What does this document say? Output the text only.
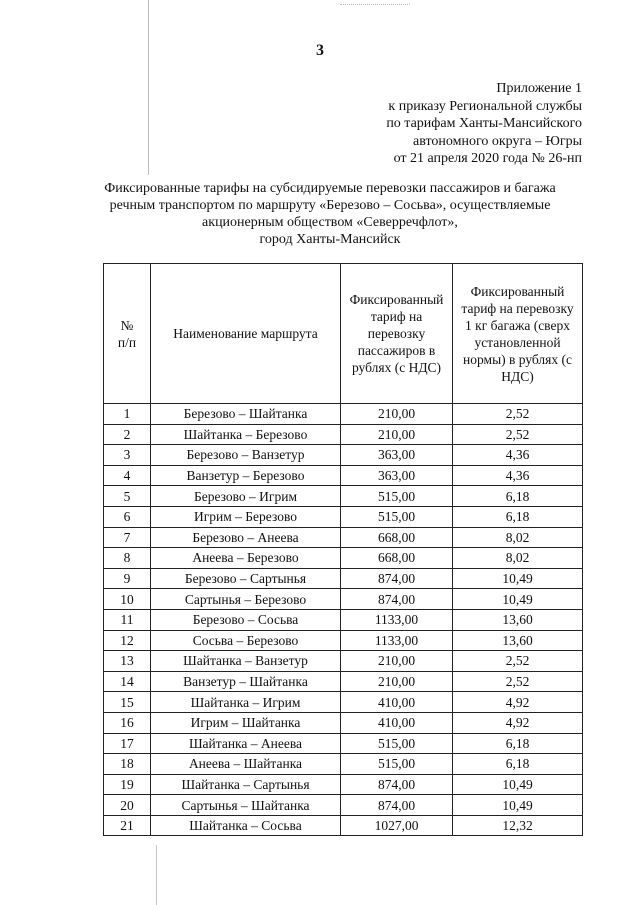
3
Приложение 1
к приказу Региональной службы
по тарифам Ханты-Мансийского
автономного округа – Югры
от 21 апреля 2020 года № 26-нп
Фиксированные тарифы на субсидируемые перевозки пассажиров и багажа
речным транспортом по маршруту «Березово – Сосьва», осуществляемые
акционерным обществом «Северречфлот»,
город Ханты-Мансийск
№ п/п	Наименование маршрута	Фиксированный тариф на перевозку пассажиров в рублях (с НДС)	Фиксированный тариф на перевозку 1 кг багажа (сверх установленной нормы) в рублях (с НДС)
1	Березово – Шайтанка	210,00	2,52
2	Шайтанка – Березово	210,00	2,52
3	Березово – Ванзетур	363,00	4,36
4	Ванзетур – Березово	363,00	4,36
5	Березово – Игрим	515,00	6,18
6	Игрим – Березово	515,00	6,18
7	Березово – Анеева	668,00	8,02
8	Анеева – Березово	668,00	8,02
9	Березово – Сартынья	874,00	10,49
10	Сартынья – Березово	874,00	10,49
11	Березово – Сосьва	1133,00	13,60
12	Сосьва – Березово	1133,00	13,60
13	Шайтанка – Ванзетур	210,00	2,52
14	Ванзетур – Шайтанка	210,00	2,52
15	Шайтанка – Игрим	410,00	4,92
16	Игрим – Шайтанка	410,00	4,92
17	Шайтанка – Анеева	515,00	6,18
18	Анеева – Шайтанка	515,00	6,18
19	Шайтанка – Сартынья	874,00	10,49
20	Сартынья – Шайтанка	874,00	10,49
21	Шайтанка – Сосьва	1027,00	12,32
